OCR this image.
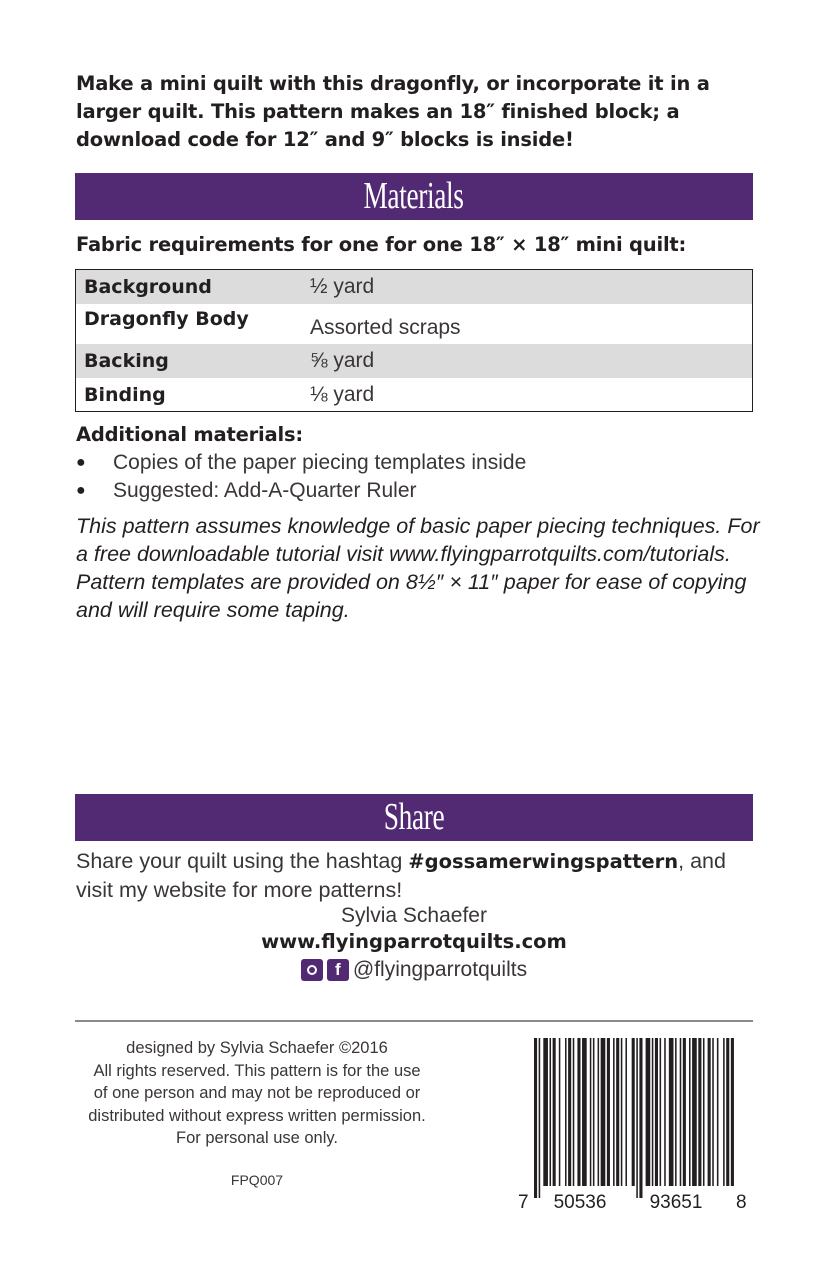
Make a mini quilt with this dragonfly, or incorporate it in a larger quilt. This pattern makes an 18″ finished block; a download code for 12″ and 9″ blocks is inside!
Materials
Fabric requirements for one for one 18″ × 18″ mini quilt:
Background	½ yard
Dragonfly Body	Assorted scraps
Backing	⅝ yard
Binding	⅛ yard
Additional materials:
●	Copies of the paper piecing templates inside
●	Suggested: Add-A-Quarter Ruler
This pattern assumes knowledge of basic paper piecing techniques. For a free downloadable tutorial visit www.flyingparrotquilts.com/tutorials. Pattern templates are provided on 8½″ × 11″ paper for ease of copying and will require some taping.
Share
Share your quilt using the hashtag #gossamerwingspattern, and visit my website for more patterns!
Sylvia Schaefer
www.flyingparrotquilts.com
f @flyingparrotquilts
designed by Sylvia Schaefer ©2016
All rights reserved. This pattern is for the use
of one person and may not be reproduced or
distributed without express written permission.
For personal use only.
FPQ007
7 50536 93651 8
